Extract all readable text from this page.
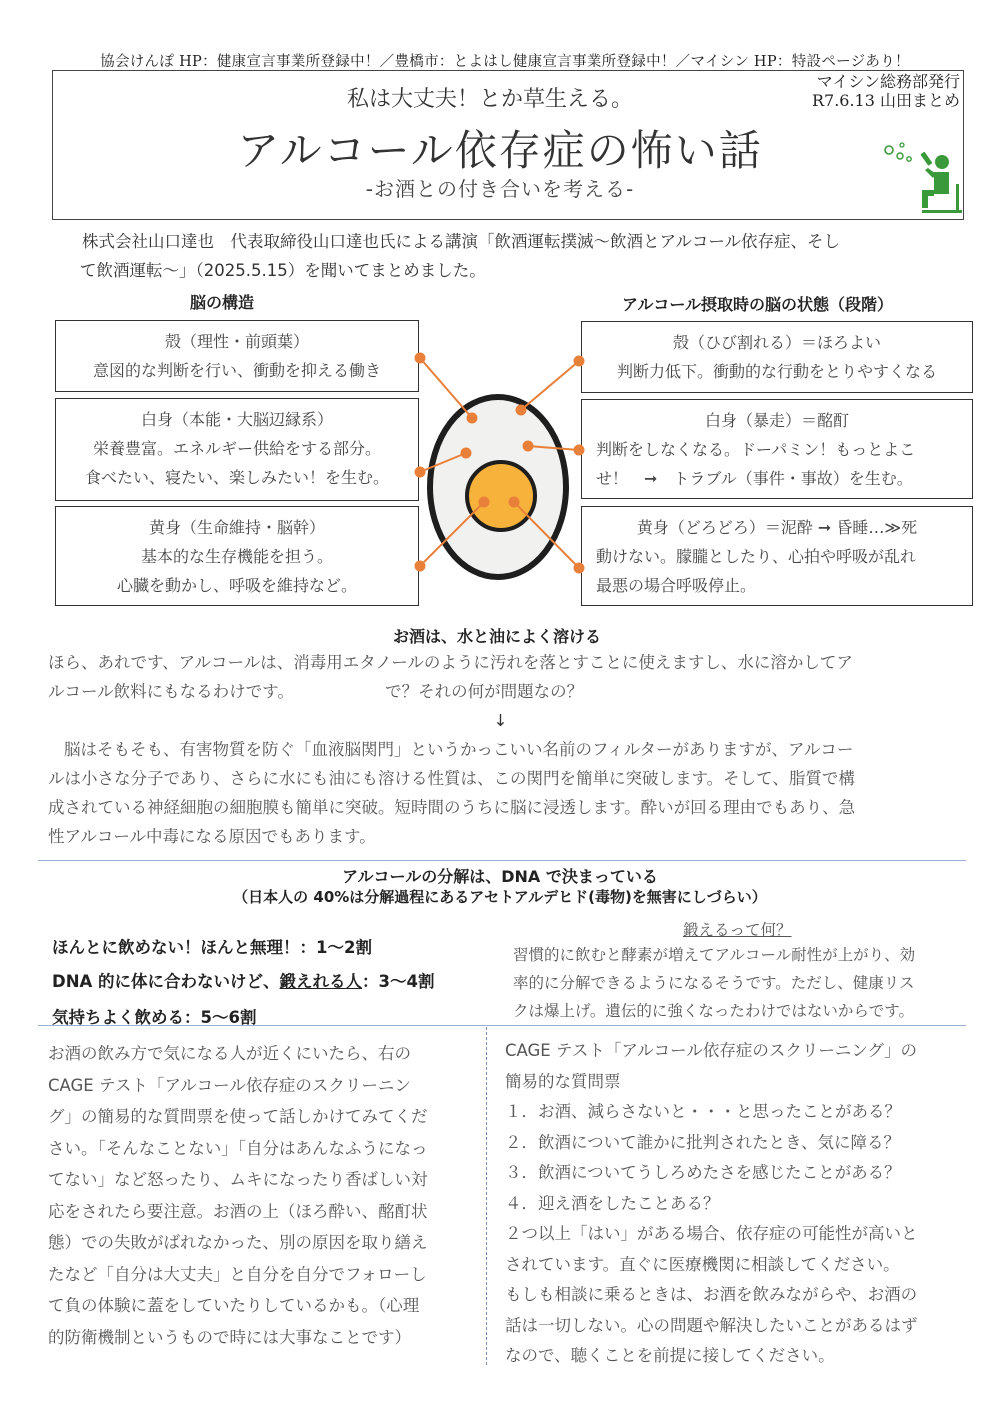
協会けんぽ HP：健康宣言事業所登録中！／豊橋市：とよはし健康宣言事業所登録中！／マイシン HP：特設ページあり！
私は大丈夫！とか草生える。
マイシン総務部発行
R7.6.13 山田まとめ
アルコール依存症の怖い話
-お酒との付き合いを考える-
株式会社山口達也　代表取締役山口達也氏による講演「飲酒運転撲滅～飲酒とアルコール依存症、そし
て飲酒運転～」（2025.5.15）を聞いてまとめました。
脳の構造	アルコール摂取時の脳の状態（段階）
殻（理性・前頭葉）
意図的な判断を行い、衝動を抑える働き
白身（本能・大脳辺縁系）
栄養豊富。エネルギー供給をする部分。
食べたい、寝たい、楽しみたい！を生む。
黄身（生命維持・脳幹）
基本的な生存機能を担う。
心臓を動かし、呼吸を維持など。
殻（ひび割れる）＝ほろよい
判断力低下。衝動的な行動をとりやすくなる
白身（暴走）＝酩酊
判断をしなくなる。ドーパミン！もっとよこ
せ！　➞　トラブル（事件・事故）を生む。
黄身（どろどろ）＝泥酔 ➞ 昏睡…≫死
動けない。朦朧としたり、心拍や呼吸が乱れ
最悪の場合呼吸停止。
お酒は、水と油によく溶ける
ほら、あれです、アルコールは、消毒用エタノールのように汚れを落とすことに使えますし、水に溶かしてア
ルコール飲料にもなるわけです。	で？それの何が問題なの？
↓
脳はそもそも、有害物質を防ぐ「血液脳関門」というかっこいい名前のフィルターがありますが、アルコー
ルは小さな分子であり、さらに水にも油にも溶ける性質は、この関門を簡単に突破します。そして、脂質で構
成されている神経細胞の細胞膜も簡単に突破。短時間のうちに脳に浸透します。酔いが回る理由でもあり、急
性アルコール中毒になる原因でもあります。
アルコールの分解は、DNA で決まっている
（日本人の 40%は分解過程にあるアセトアルデヒド(毒物)を無害にしづらい）
ほんとに飲めない！ほんと無理！：1～2割
DNA 的に体に合わないけど、鍛えれる人：3～4割
気持ちよく飲める：5～6割
鍛えるって何？
習慣的に飲むと酵素が増えてアルコール耐性が上がり、効
率的に分解できるようになるそうです。ただし、健康リス
クは爆上げ。遺伝的に強くなったわけではないからです。
お酒の飲み方で気になる人が近くにいたら、右の
CAGE テスト「アルコール依存症のスクリーニン
グ」の簡易的な質問票を使って話しかけてみてくだ
さい。「そんなことない」「自分はあんなふうになっ
てない」など怒ったり、ムキになったり香ばしい対
応をされたら要注意。お酒の上（ほろ酔い、酩酊状
態）での失敗がばれなかった、別の原因を取り繕え
たなど「自分は大丈夫」と自分を自分でフォローし
て負の体験に蓋をしていたりしているかも。（心理
的防衛機制というもので時には大事なことです）
CAGE テスト「アルコール依存症のスクリーニング」の
簡易的な質問票
１．お酒、減らさないと・・・と思ったことがある？
２．飲酒について誰かに批判されたとき、気に障る？
３．飲酒についてうしろめたさを感じたことがある？
４．迎え酒をしたことある？
２つ以上「はい」がある場合、依存症の可能性が高いと
されています。直ぐに医療機関に相談してください。
もしも相談に乗るときは、お酒を飲みながらや、お酒の
話は一切しない。心の問題や解決したいことがあるはず
なので、聴くことを前提に接してください。
